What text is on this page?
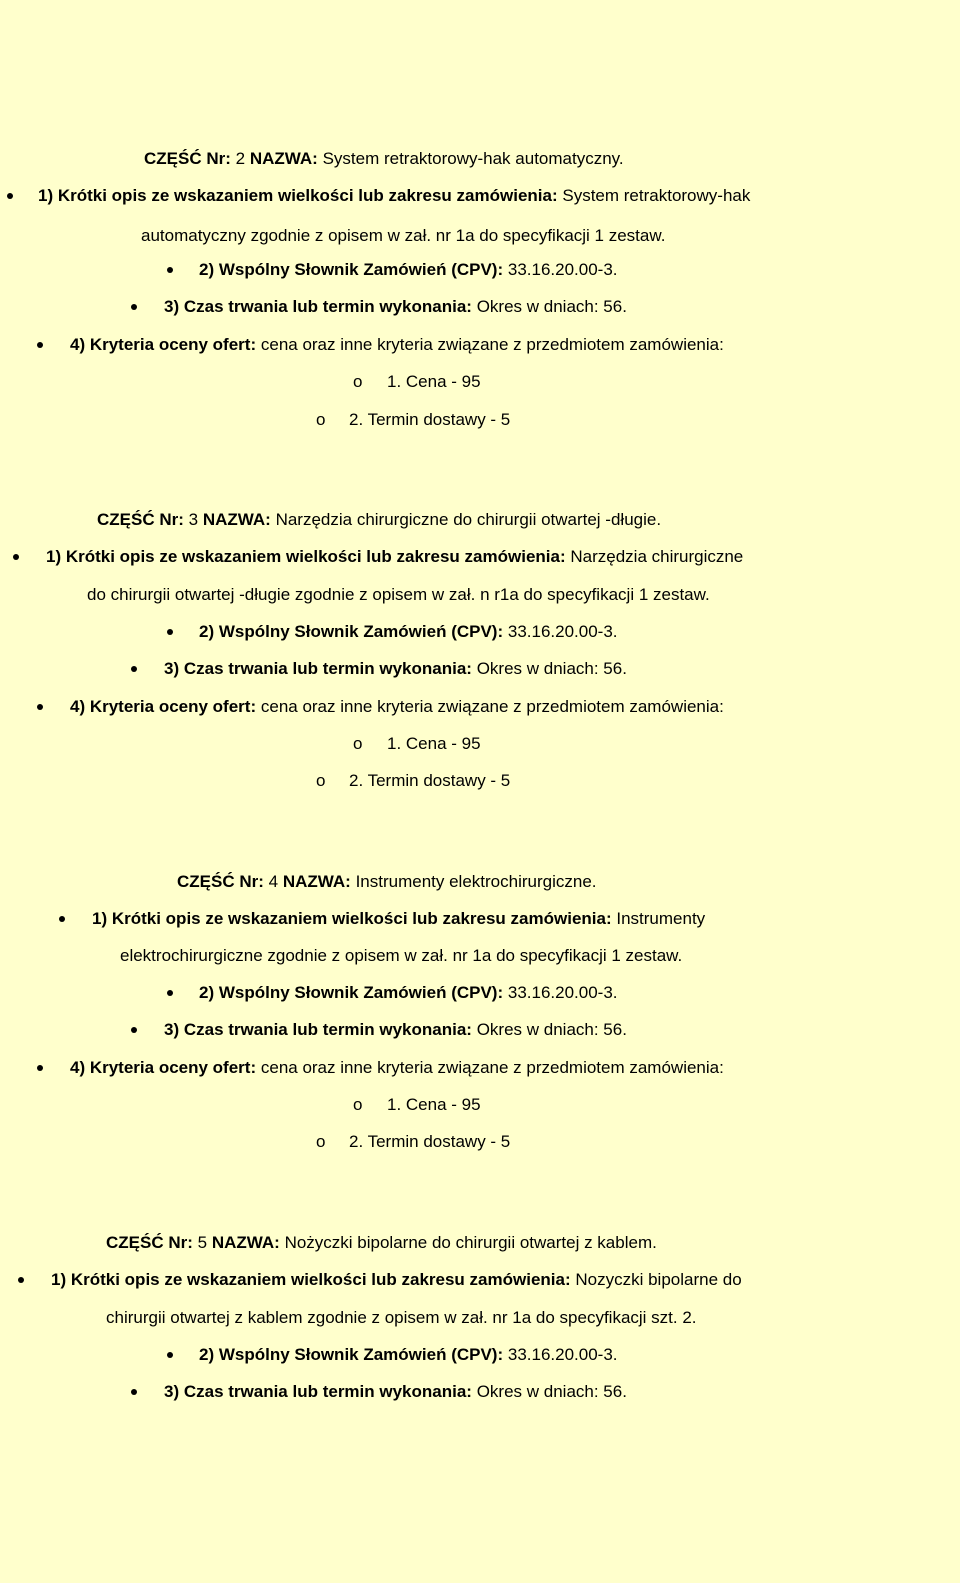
CZĘŚĆ Nr: 2 NAZWA: System retraktorowy-hak automatyczny.
1) Krótki opis ze wskazaniem wielkości lub zakresu zamówienia: System retraktorowy-hak
automatyczny zgodnie z opisem w zał. nr 1a do specyfikacji 1 zestaw.
2) Wspólny Słownik Zamówień (CPV): 33.16.20.00-3.
3) Czas trwania lub termin wykonania: Okres w dniach: 56.
4) Kryteria oceny ofert: cena oraz inne kryteria związane z przedmiotem zamówienia:
o 1. Cena - 95
o 2. Termin dostawy - 5
CZĘŚĆ Nr: 3 NAZWA: Narzędzia chirurgiczne do chirurgii otwartej -długie.
1) Krótki opis ze wskazaniem wielkości lub zakresu zamówienia: Narzędzia chirurgiczne
do chirurgii otwartej -długie zgodnie z opisem w zał. n r1a do specyfikacji 1 zestaw.
2) Wspólny Słownik Zamówień (CPV): 33.16.20.00-3.
3) Czas trwania lub termin wykonania: Okres w dniach: 56.
4) Kryteria oceny ofert: cena oraz inne kryteria związane z przedmiotem zamówienia:
o 1. Cena - 95
o 2. Termin dostawy - 5
CZĘŚĆ Nr: 4 NAZWA: Instrumenty elektrochirurgiczne.
1) Krótki opis ze wskazaniem wielkości lub zakresu zamówienia: Instrumenty
elektrochirurgiczne zgodnie z opisem w zał. nr 1a do specyfikacji 1 zestaw.
2) Wspólny Słownik Zamówień (CPV): 33.16.20.00-3.
3) Czas trwania lub termin wykonania: Okres w dniach: 56.
4) Kryteria oceny ofert: cena oraz inne kryteria związane z przedmiotem zamówienia:
o 1. Cena - 95
o 2. Termin dostawy - 5
CZĘŚĆ Nr: 5 NAZWA: Nożyczki bipolarne do chirurgii otwartej z kablem.
1) Krótki opis ze wskazaniem wielkości lub zakresu zamówienia: Nozyczki bipolarne do
chirurgii otwartej z kablem zgodnie z opisem w zał. nr 1a do specyfikacji szt. 2.
2) Wspólny Słownik Zamówień (CPV): 33.16.20.00-3.
3) Czas trwania lub termin wykonania: Okres w dniach: 56.
